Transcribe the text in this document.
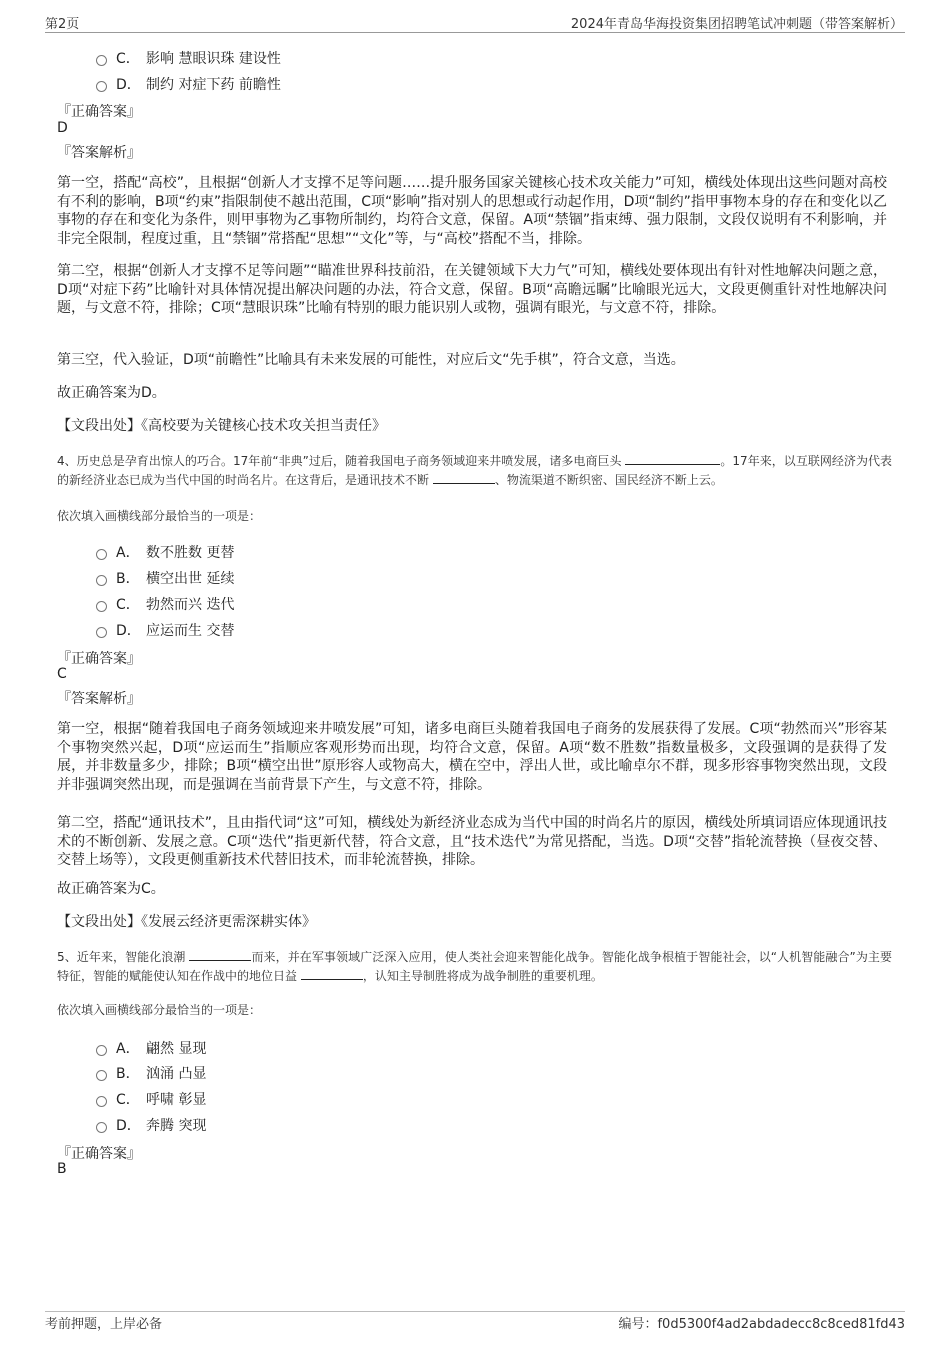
第2页	2024年青岛华海投资集团招聘笔试冲刺题（带答案解析）
C． 影响 慧眼识珠 建设性
D． 制约 对症下药 前瞻性
『正确答案』
D
『答案解析』
第一空，搭配“高校”，且根据“创新人才支撑不足等问题……提升服务国家关键核心技术攻关能力”可知，横线处体现出这些问题对高校有不利的影响，B项“约束”指限制使不越出范围，C项“影响”指对别人的思想或行动起作用，D项“制约”指甲事物本身的存在和变化以乙事物的存在和变化为条件，则甲事物为乙事物所制约，均符合文意，保留。A项“禁锢”指束缚、强力限制，文段仅说明有不利影响，并非完全限制，程度过重，且“禁锢”常搭配“思想”“文化”等，与“高校”搭配不当，排除。
第二空，根据“创新人才支撑不足等问题”“瞄准世界科技前沿，在关键领域下大力气”可知，横线处要体现出有针对性地解决问题之意，D项“对症下药”比喻针对具体情况提出解决问题的办法，符合文意，保留。B项“高瞻远瞩”比喻眼光远大，文段更侧重针对性地解决问题，与文意不符，排除；C项“慧眼识珠”比喻有特别的眼力能识别人或物，强调有眼光，与文意不符，排除。
第三空，代入验证，D项“前瞻性”比喻具有未来发展的可能性，对应后文“先手棋”，符合文意，当选。
故正确答案为D。
【文段出处】《高校要为关键核心技术攻关担当责任》
4、历史总是孕育出惊人的巧合。17年前“非典”过后，随着我国电子商务领域迎来井喷发展，诸多电商巨头	。17年来，以互联网经济为代表的新经济业态已成为当代中国的时尚名片。在这背后，是通讯技术不断	、物流渠道不断织密、国民经济不断上云。
依次填入画横线部分最恰当的一项是：
A． 数不胜数 更替
B． 横空出世 延续
C． 勃然而兴 迭代
D． 应运而生 交替
『正确答案』
C
『答案解析』
第一空，根据“随着我国电子商务领域迎来井喷发展”可知，诸多电商巨头随着我国电子商务的发展获得了发展。C项“勃然而兴”形容某个事物突然兴起，D项“应运而生”指顺应客观形势而出现，均符合文意，保留。A项“数不胜数”指数量极多，文段强调的是获得了发展，并非数量多少，排除；B项“横空出世”原形容人或物高大，横在空中，浮出人世，或比喻卓尔不群，现多形容事物突然出现，文段并非强调突然出现，而是强调在当前背景下产生，与文意不符，排除。
第二空，搭配“通讯技术”，且由指代词“这”可知，横线处为新经济业态成为当代中国的时尚名片的原因，横线处所填词语应体现通讯技术的不断创新、发展之意。C项“迭代”指更新代替，符合文意，且“技术迭代”为常见搭配，当选。D项“交替”指轮流替换（昼夜交替、交替上场等），文段更侧重新技术代替旧技术，而非轮流替换，排除。
故正确答案为C。
【文段出处】《发展云经济更需深耕实体》
5、近年来，智能化浪潮	而来，并在军事领域广泛深入应用，使人类社会迎来智能化战争。智能化战争根植于智能社会，以“人机智能融合”为主要特征，智能的赋能使认知在作战中的地位日益	，认知主导制胜将成为战争制胜的重要机理。
依次填入画横线部分最恰当的一项是：
A． 翩然 显现
B． 汹涌 凸显
C． 呼啸 彰显
D． 奔腾 突现
『正确答案』
B
考前押题，上岸必备	编号：f0d5300f4ad2abdadecc8c8ced81fd43
